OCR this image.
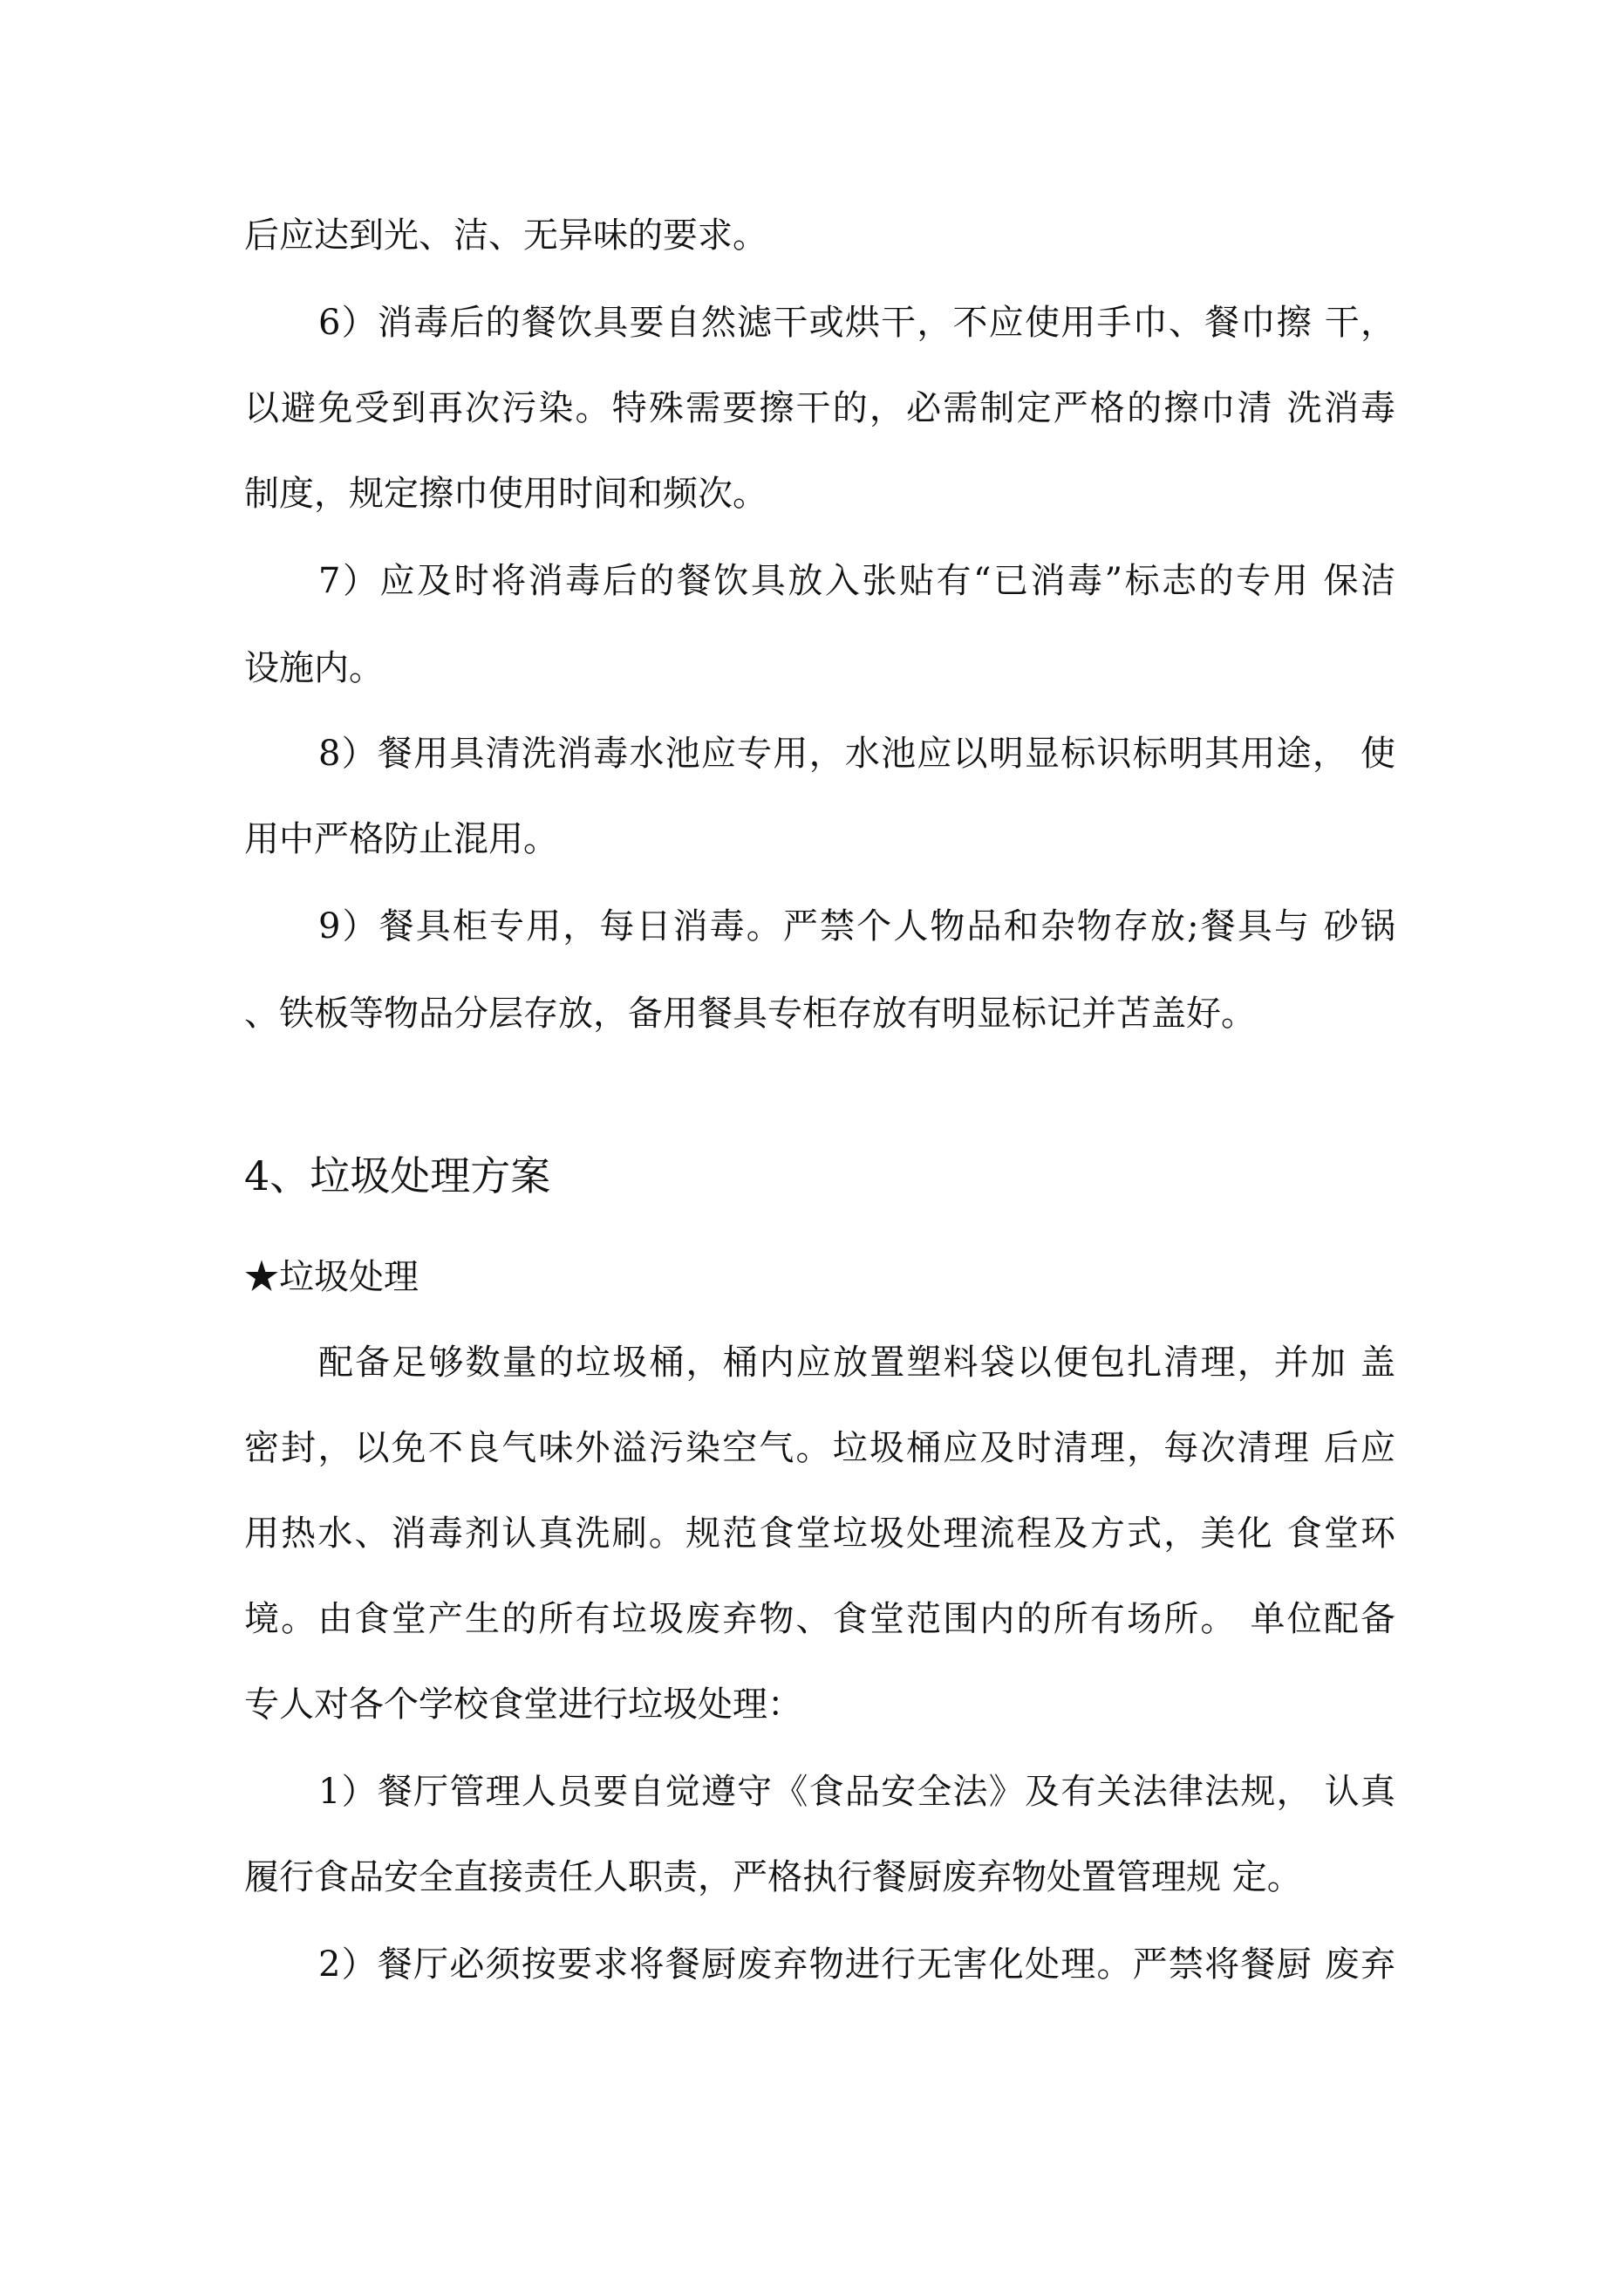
后应达到光、洁、无异味的要求。
6）消毒后的餐饮具要自然滤干或烘干，不应使用手巾、餐巾擦 干，
以避免受到再次污染。特殊需要擦干的，必需制定严格的擦巾清 洗消毒
制度，规定擦巾使用时间和频次。
7）应及时将消毒后的餐饮具放入张贴有“已消毒”标志的专用 保洁
设施内。
8）餐用具清洗消毒水池应专用，水池应以明显标识标明其用途， 使
用中严格防止混用。
9）餐具柜专用，每日消毒。严禁个人物品和杂物存放;餐具与 砂锅
、铁板等物品分层存放，备用餐具专柜存放有明显标记并苫盖好。
4、垃圾处理方案
★垃圾处理
配备足够数量的垃圾桶，桶内应放置塑料袋以便包扎清理，并加 盖
密封，以免不良气味外溢污染空气。垃圾桶应及时清理，每次清理 后应
用热水、消毒剂认真洗刷。规范食堂垃圾处理流程及方式，美化 食堂环
境。由食堂产生的所有垃圾废弃物、食堂范围内的所有场所。 单位配备
专人对各个学校食堂进行垃圾处理：
1）餐厅管理人员要自觉遵守《食品安全法》及有关法律法规， 认真
履行食品安全直接责任人职责，严格执行餐厨废弃物处置管理规 定。
2）餐厅必须按要求将餐厨废弃物进行无害化处理。严禁将餐厨 废弃
